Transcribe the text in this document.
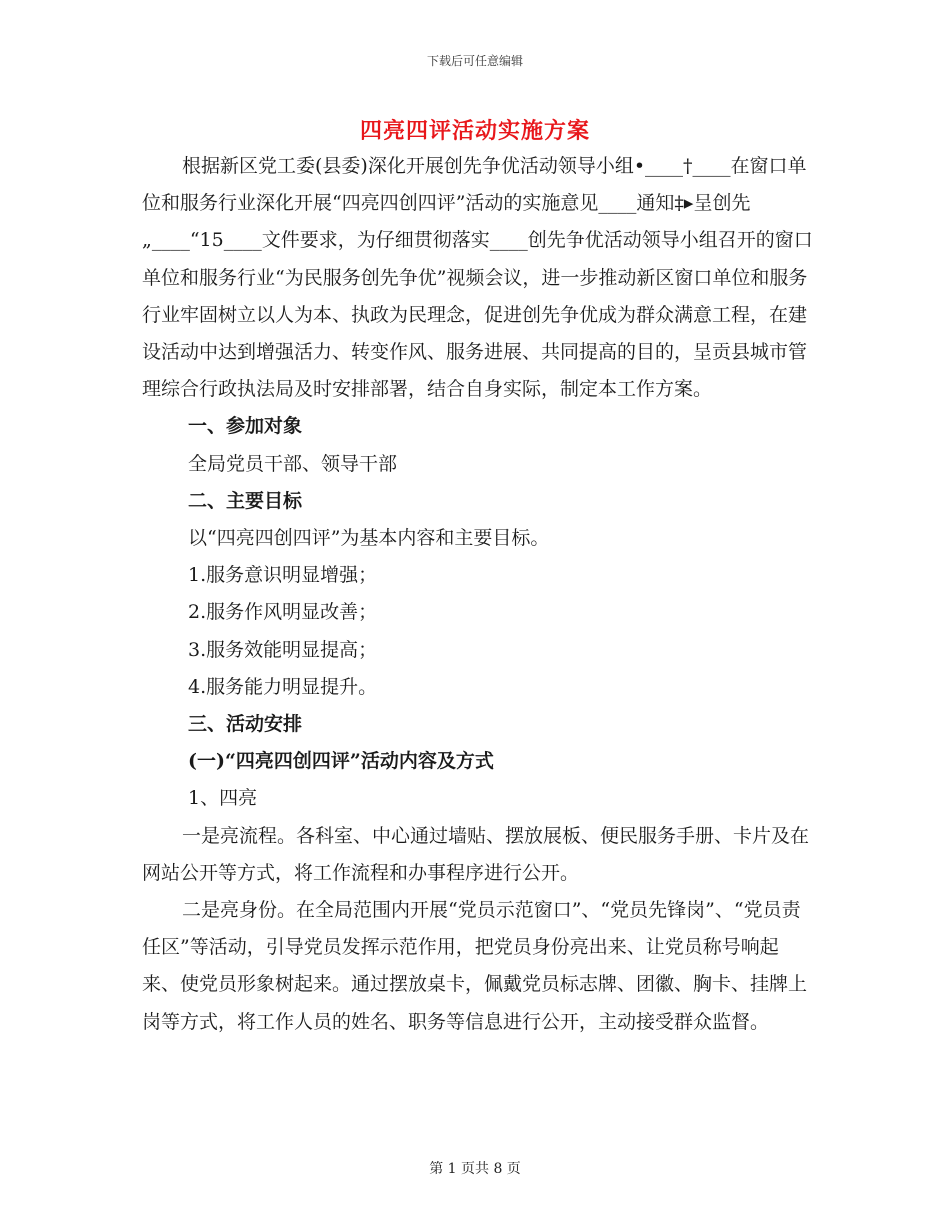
下载后可任意编辑
四亮四评活动实施方案

根据新区党工委(县委)深化开展创先争优活动领导小组•____†____在窗口单位和服务行业深化开展“四亮四创四评”活动的实施意见____通知‡▸呈创先„____“15____文件要求，为仔细贯彻落实____创先争优活动领导小组召开的窗口单位和服务行业“为民服务创先争优”视频会议，进一步推动新区窗口单位和服务行业牢固树立以人为本、执政为民理念，促进创先争优成为群众满意工程，在建设活动中达到增强活力、转变作风、服务进展、共同提高的目的，呈贡县城市管理综合行政执法局及时安排部署，结合自身实际，制定本工作方案。

一、参加对象

全局党员干部、领导干部

二、主要目标

以“四亮四创四评”为基本内容和主要目标。

1.服务意识明显增强；

2.服务作风明显改善；

3.服务效能明显提高；

4.服务能力明显提升。

三、活动安排

(一)“四亮四创四评”活动内容及方式

1、四亮

一是亮流程。各科室、中心通过墙贴、摆放展板、便民服务手册、卡片及在网站公开等方式，将工作流程和办事程序进行公开。

二是亮身份。在全局范围内开展“党员示范窗口”、“党员先锋岗”、“党员责任区”等活动，引导党员发挥示范作用，把党员身份亮出来、让党员称号响起来、使党员形象树起来。通过摆放桌卡，佩戴党员标志牌、团徽、胸卡、挂牌上岗等方式，将工作人员的姓名、职务等信息进行公开，主动接受群众监督。

第 1 页共 8 页
